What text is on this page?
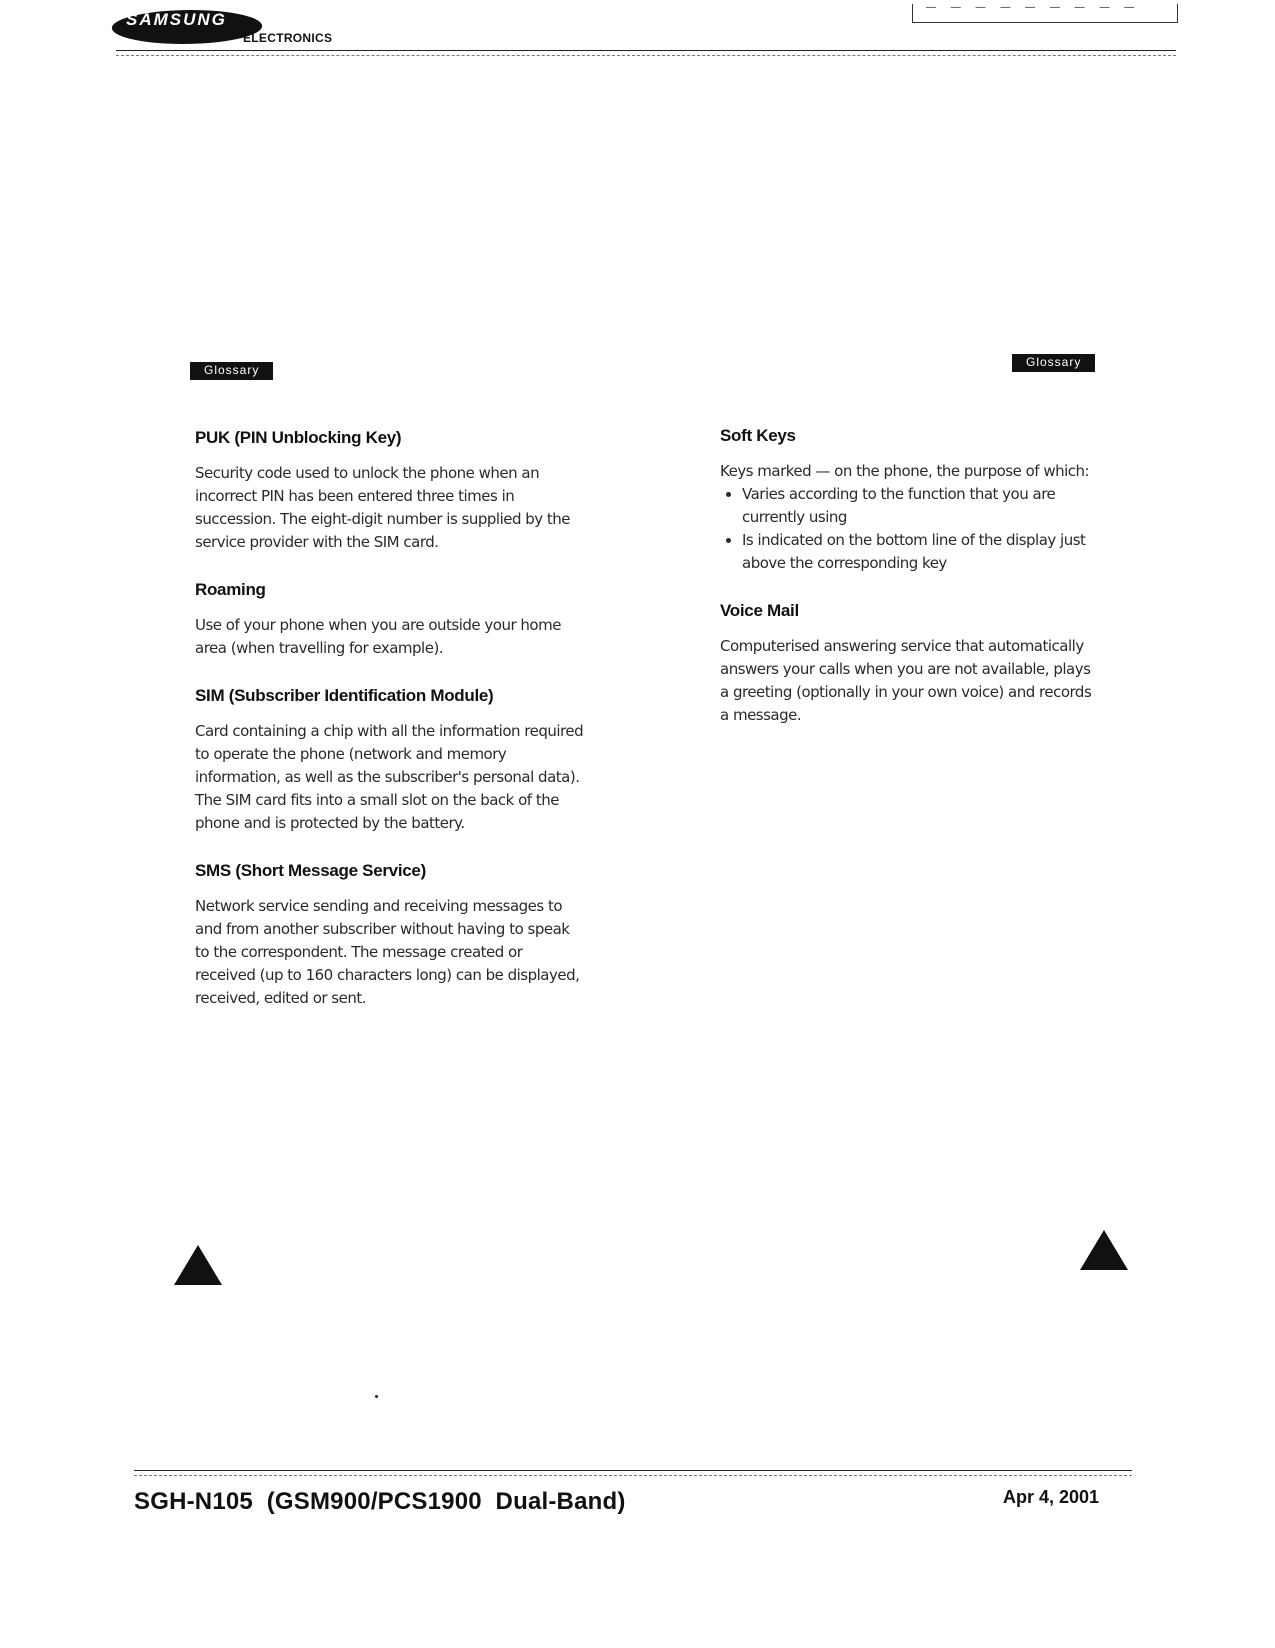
SAMSUNG
ELECTRONICS
— — — — — — — — —
Glossary
Glossary
PUK (PIN Unblocking Key)

Security code used to unlock the phone when an incorrect PIN has been entered three times in succession. The eight-digit number is supplied by the service provider with the SIM card.

Roaming

Use of your phone when you are outside your home area (when travelling for example).

SIM (Subscriber Identification Module)

Card containing a chip with all the information required to operate the phone (network and memory information, as well as the subscriber's personal data). The SIM card fits into a small slot on the back of the phone and is protected by the battery.

SMS (Short Message Service)

Network service sending and receiving messages to and from another subscriber without having to speak to the correspondent. The message created or received (up to 160 characters long) can be displayed, received, edited or sent.

Soft Keys

Keys marked — on the phone, the purpose of which:

• Varies according to the function that you are currently using
• Is indicated on the bottom line of the display just above the corresponding key
Voice Mail

Computerised answering service that automatically answers your calls when you are not available, plays a greeting (optionally in your own voice) and records a message.

SGH-N105  (GSM900/PCS1900  Dual-Band)	Apr 4, 2001
